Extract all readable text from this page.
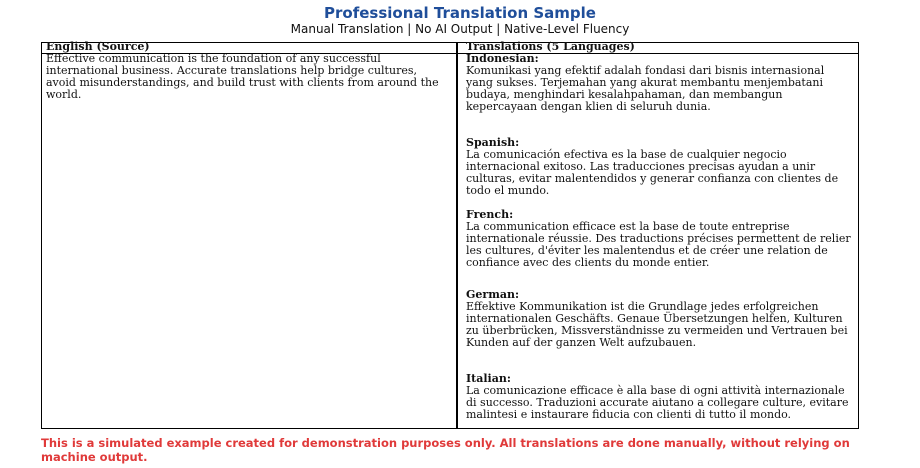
Professional Translation Sample
Manual Translation | No AI Output | Native-Level Fluency
English (Source)	Translations (5 Languages)
Effective communication is the foundation of any successful international business. Accurate translations help bridge cultures, avoid misunderstandings, and build trust with clients from around the world.
Indonesian:
Komunikasi yang efektif adalah fondasi dari bisnis internasional yang sukses. Terjemahan yang akurat membantu menjembatani budaya, menghindari kesalahpahaman, dan membangun kepercayaan dengan klien di seluruh dunia.
Spanish:
La comunicación efectiva es la base de cualquier negocio internacional exitoso. Las traducciones precisas ayudan a unir culturas, evitar malentendidos y generar confianza con clientes de todo el mundo.
French:
La communication efficace est la base de toute entreprise internationale réussie. Des traductions précises permettent de relier les cultures, d'éviter les malentendus et de créer une relation de confiance avec des clients du monde entier.
German:
Effektive Kommunikation ist die Grundlage jedes erfolgreichen internationalen Geschäfts. Genaue Übersetzungen helfen, Kulturen zu überbrücken, Missverständnisse zu vermeiden und Vertrauen bei Kunden auf der ganzen Welt aufzubauen.
Italian:
La comunicazione efficace è alla base di ogni attività internazionale di successo. Traduzioni accurate aiutano a collegare culture, evitare malintesi e instaurare fiducia con clienti di tutto il mondo.
This is a simulated example created for demonstration purposes only. All translations are done manually, without relying on machine output.
